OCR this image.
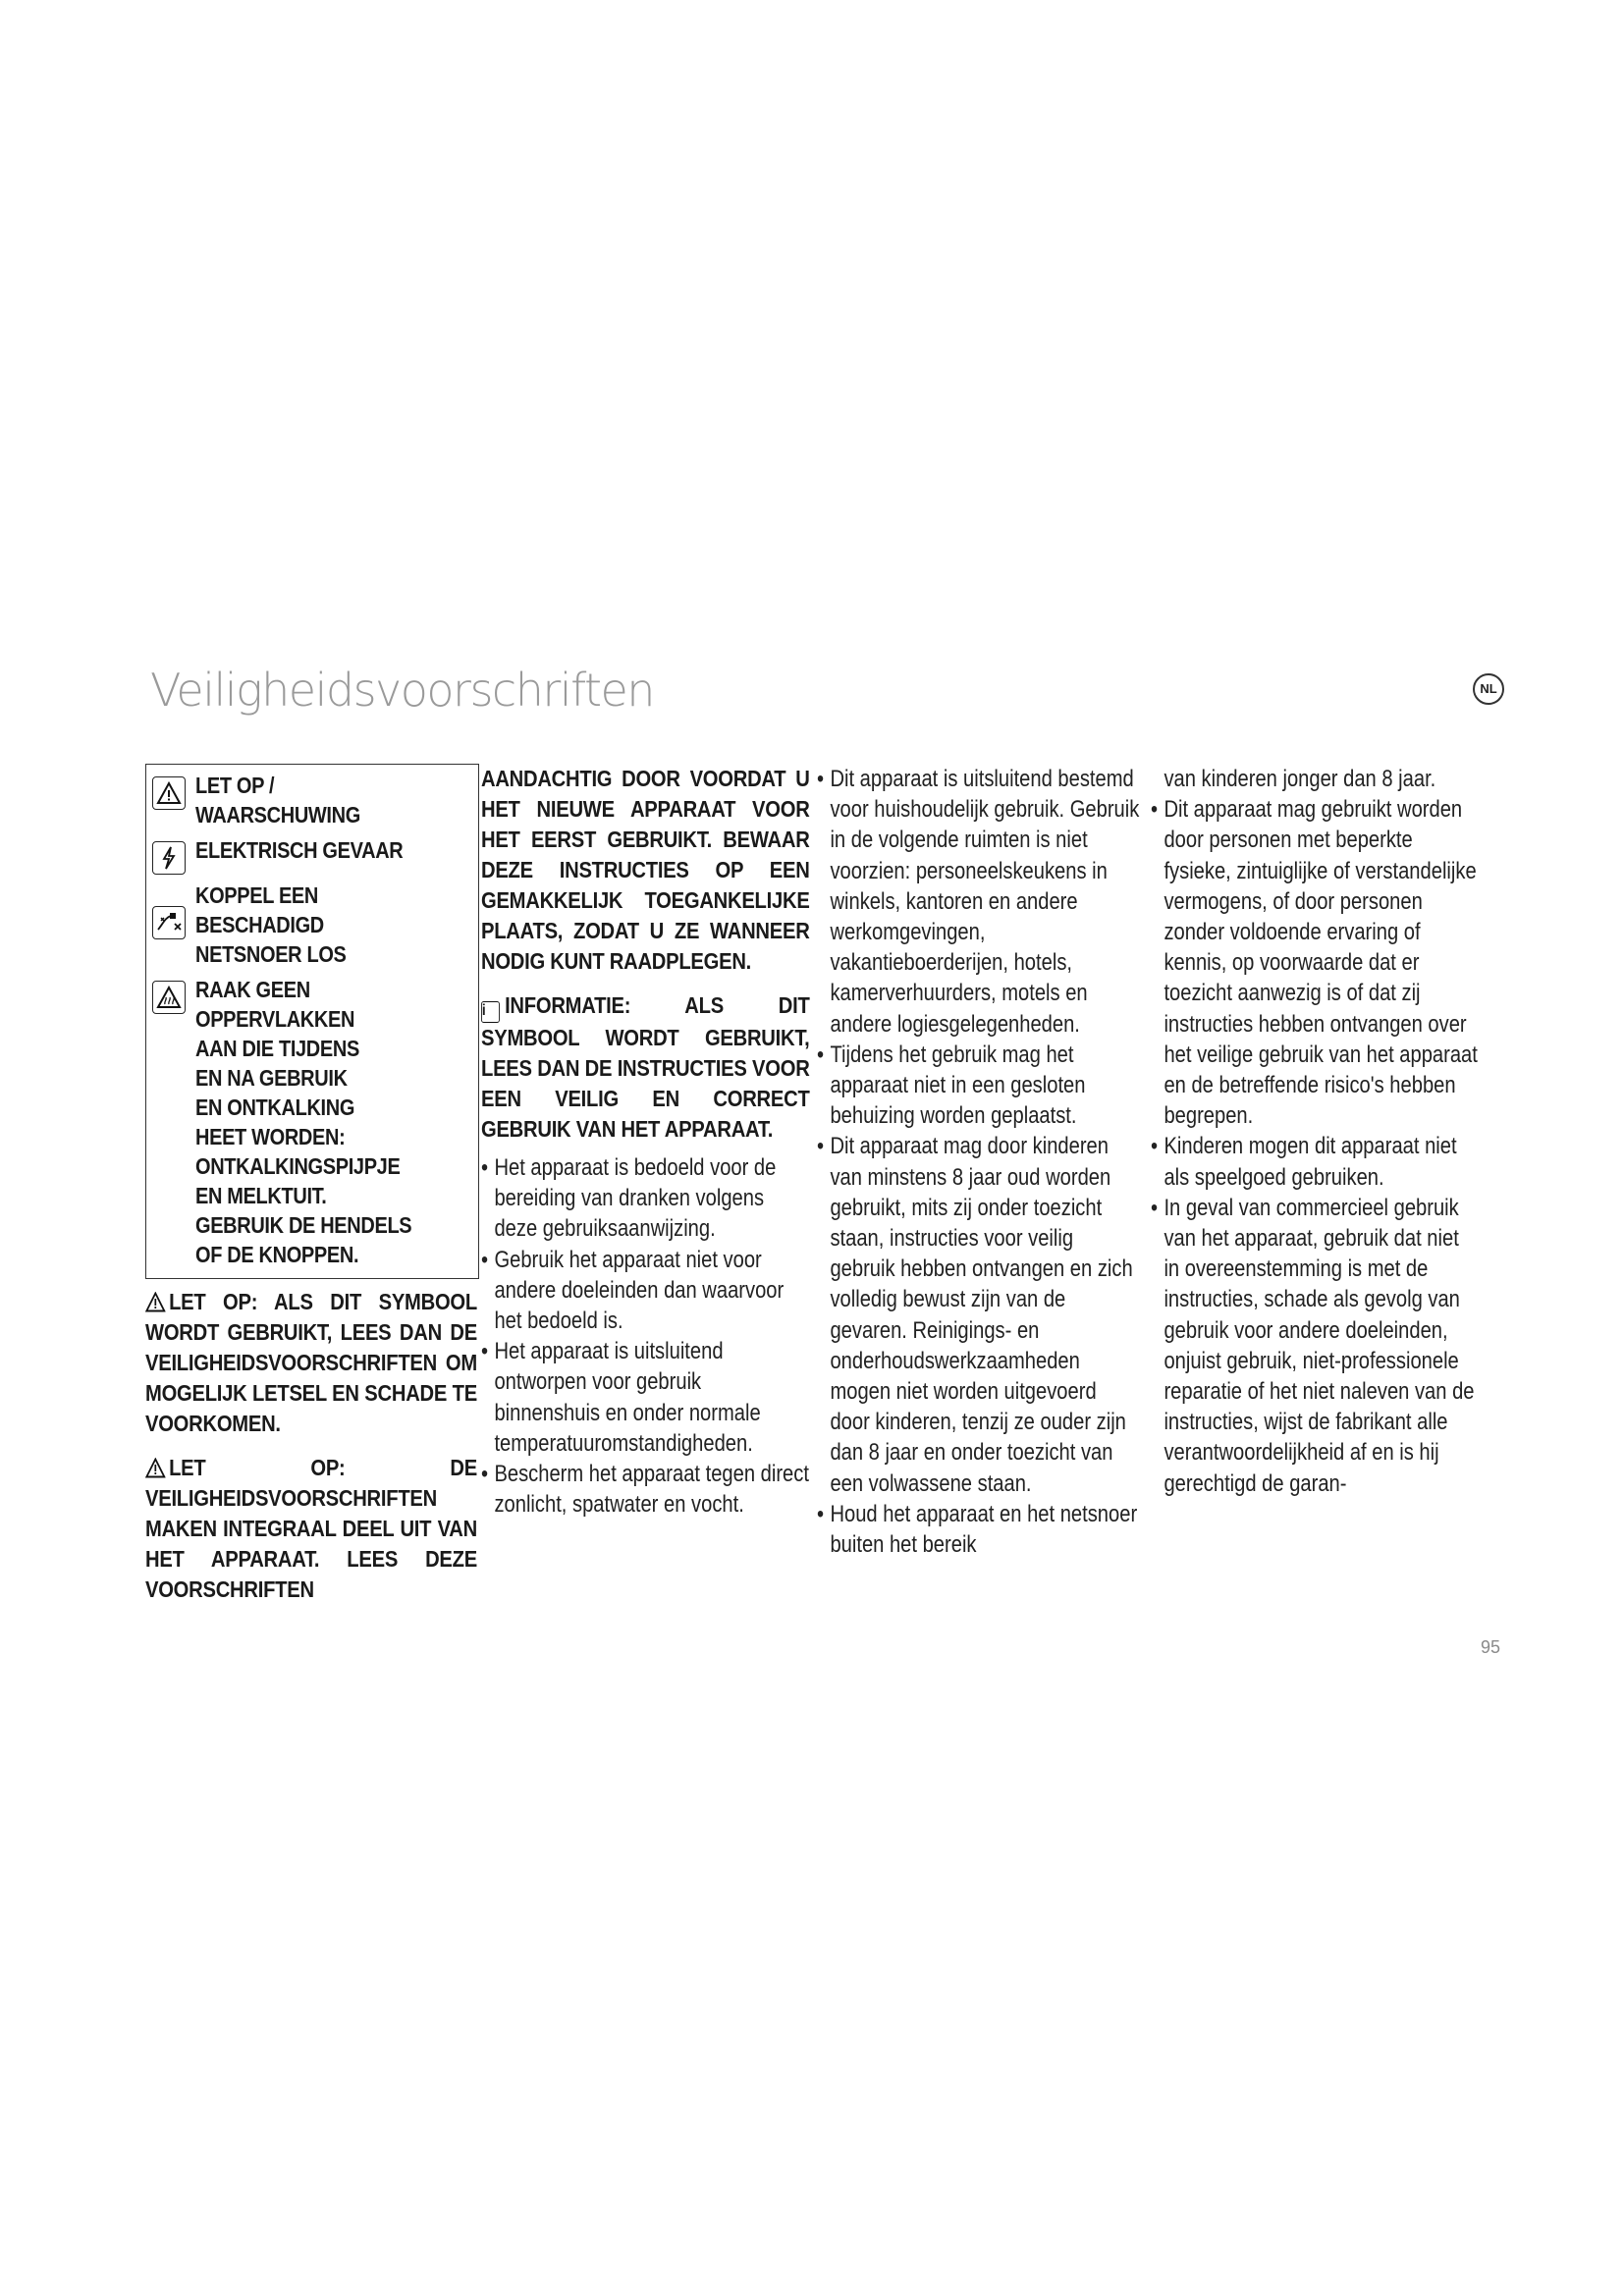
Veiligheidsvoorschriften	NL
LET OP /
WAARSCHUWING
ELEKTRISCH GEVAAR
KOPPEL EEN
BESCHADIGD
NETSNOER LOS
RAAK GEEN
OPPERVLAKKEN
AAN DIE TIJDENS
EN NA GEBRUIK
EN ONTKALKING
HEET WORDEN:
ONTKALKINGSPIJPJE
EN MELKTUIT.
GEBRUIK DE HENDELS
OF DE KNOPPEN.

LET OP: ALS DIT SYMBOOL WORDT GEBRUIKT, LEES DAN DE VEILIGHEIDSVOORSCHRIFTEN OM MOGELIJK LETSEL EN SCHADE TE VOORKOMEN.

LET OP: DE VEILIGHEIDSVOORSCHRIFTEN MAKEN INTEGRAAL DEEL UIT VAN HET APPARAAT. LEES DEZE VOORSCHRIFTEN

AANDACHTIG DOOR VOORDAT U HET NIEUWE APPARAAT VOOR HET EERST GEBRUIKT. BEWAAR DEZE INSTRUCTIES OP EEN GEMAKKELIJK TOEGANKELIJKE PLAATS, ZODAT U ZE WANNEER NODIG KUNT RAADPLEGEN.

i INFORMATIE: ALS DIT SYMBOOL WORDT GEBRUIKT, LEES DAN DE INSTRUCTIES VOOR EEN VEILIG EN CORRECT GEBRUIK VAN HET APPARAAT.

• Het apparaat is bedoeld voor de bereiding van dranken volgens deze gebruiksaanwijzing.

• Gebruik het apparaat niet voor andere doeleinden dan waarvoor het bedoeld is.

• Het apparaat is uitsluitend ontworpen voor gebruik binnenshuis en onder normale temperatuuromstandigheden.

• Bescherm het apparaat tegen direct zonlicht, spatwater en vocht.

• Dit apparaat is uitsluitend bestemd voor huishoudelijk gebruik. Gebruik in de volgende ruimten is niet voorzien: personeelskeukens in winkels, kantoren en andere werkomgevingen, vakantieboerderijen, hotels, kamerverhuurders, motels en andere logiesgelegenheden.

• Tijdens het gebruik mag het apparaat niet in een gesloten behuizing worden geplaatst.

• Dit apparaat mag door kinderen van minstens 8 jaar oud worden gebruikt, mits zij onder toezicht staan, instructies voor veilig gebruik hebben ontvangen en zich volledig bewust zijn van de gevaren. Reinigings- en onderhoudswerkzaamheden mogen niet worden uitgevoerd door kinderen, tenzij ze ouder zijn dan 8 jaar en onder toezicht van een volwassene staan.

• Houd het apparaat en het netsnoer buiten het bereik

van kinderen jonger dan 8 jaar.

• Dit apparaat mag gebruikt worden door personen met beperkte fysieke, zintuiglijke of verstandelijke vermogens, of door personen zonder voldoende ervaring of kennis, op voorwaarde dat er toezicht aanwezig is of dat zij instructies hebben ontvangen over het veilige gebruik van het apparaat en de betreffende risico's hebben begrepen.

• Kinderen mogen dit apparaat niet als speelgoed gebruiken.

• In geval van commercieel gebruik van het apparaat, gebruik dat niet in overeenstemming is met de instructies, schade als gevolg van gebruik voor andere doeleinden, onjuist gebruik, niet-professionele reparatie of het niet naleven van de instructies, wijst de fabrikant alle verantwoordelijkheid af en is hij gerechtigd de garan-

95
